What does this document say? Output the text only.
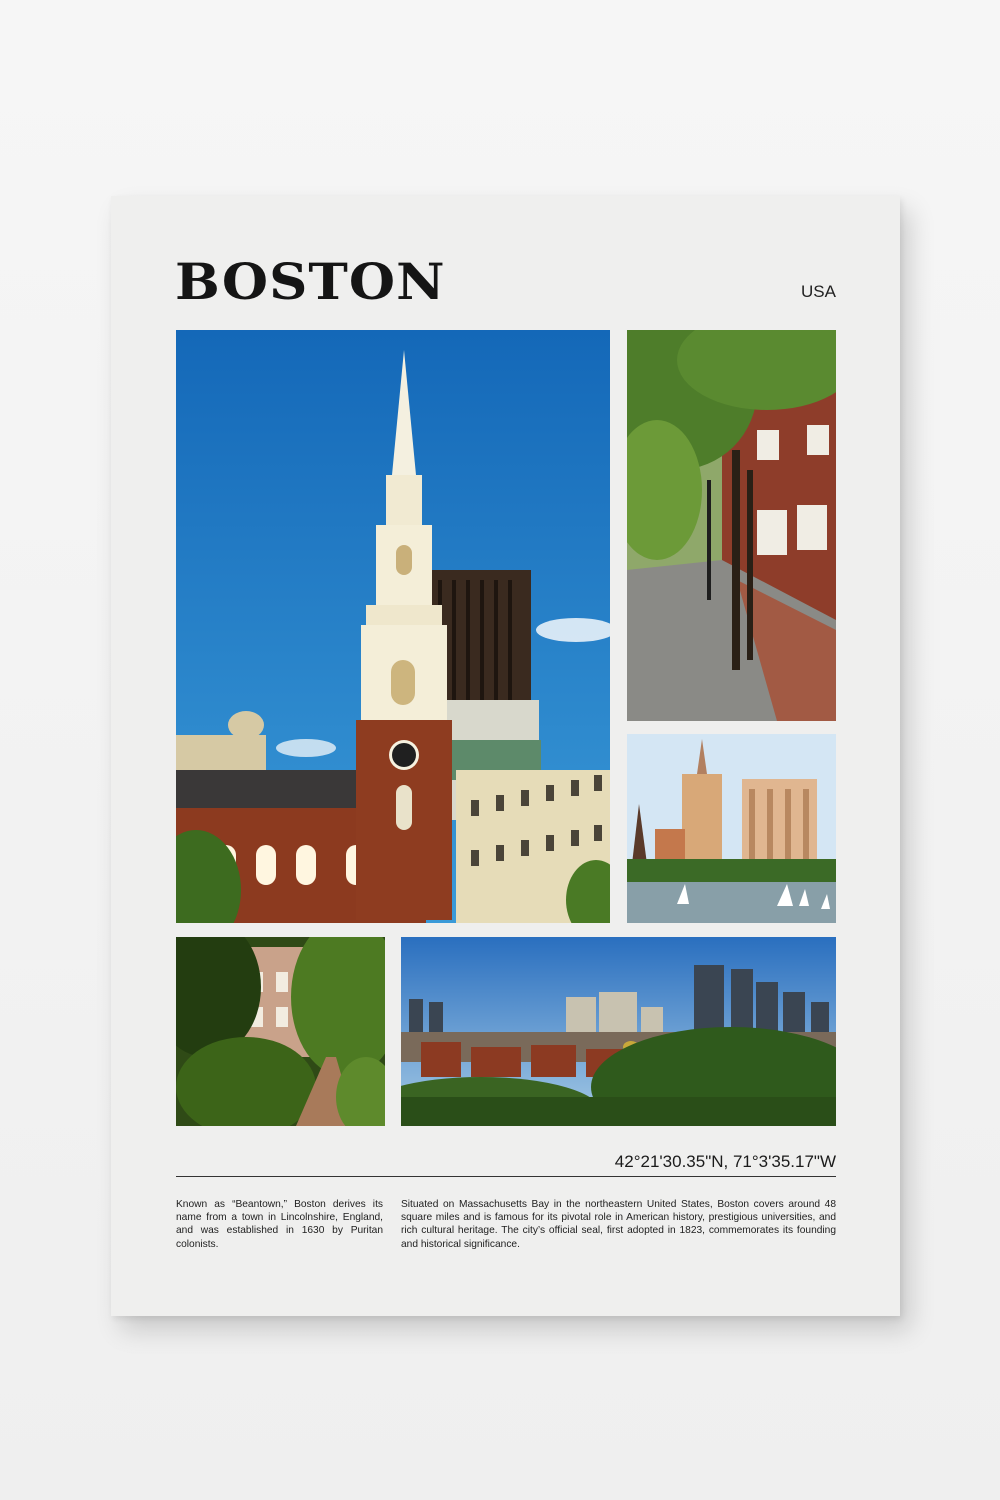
BOSTON	USA
42°21'30.35"N, 71°3'35.17"W

Known as “Beantown,” Boston derives its name from a town in Lincolnshire, England, and was established in 1630 by Puritan colonists.

Situated on Massachusetts Bay in the northeastern United States, Boston covers around 48 square miles and is famous for its pivotal role in American history, prestigious universities, and rich cultural heritage. The city’s official seal, first adopted in 1823, commemorates its founding and historical significance.
